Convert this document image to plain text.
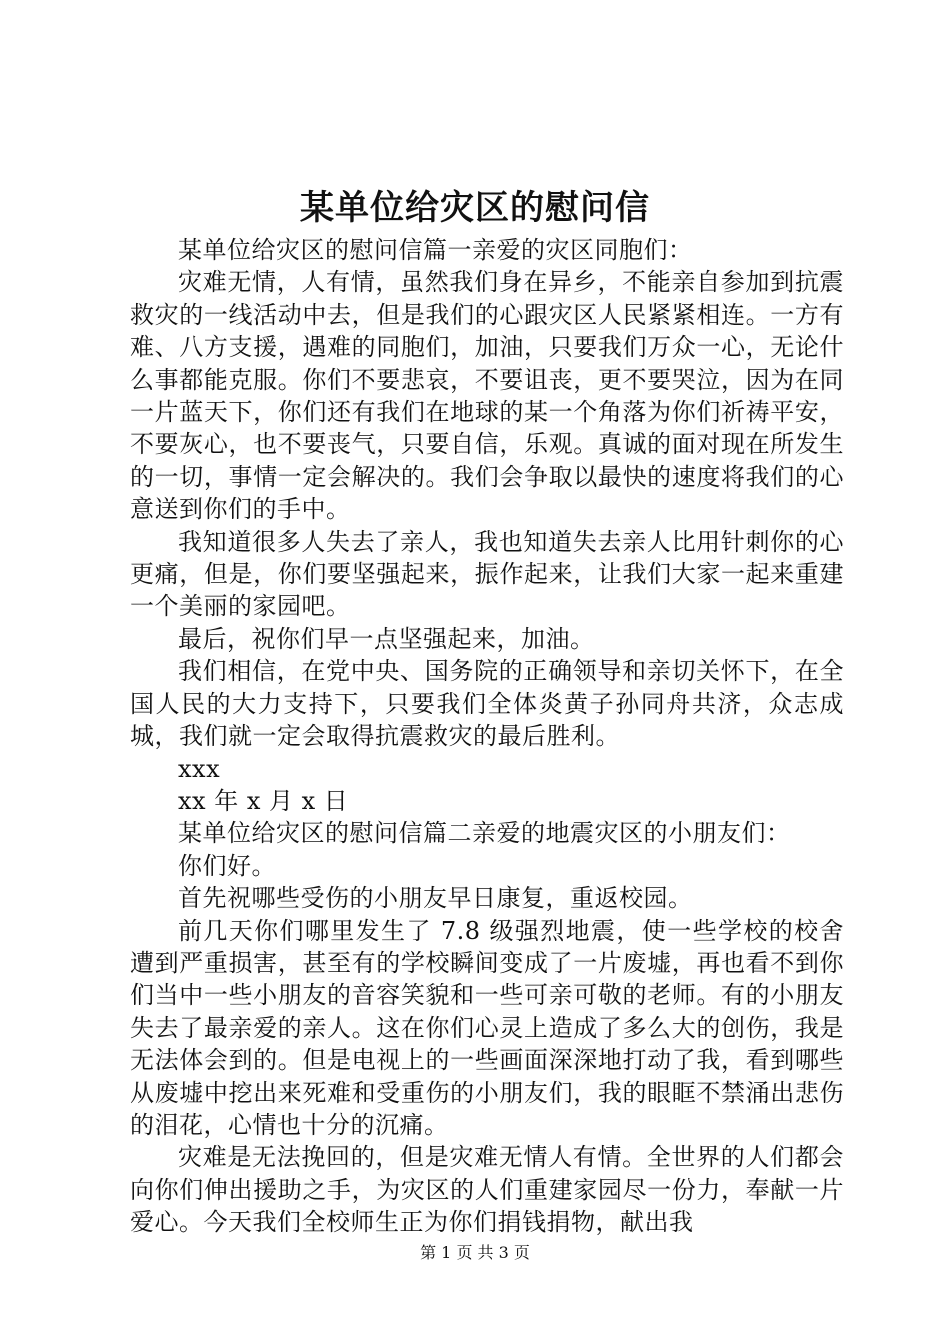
某单位给灾区的慰问信

某单位给灾区的慰问信篇一亲爱的灾区同胞们：

灾难无情，人有情，虽然我们身在异乡，不能亲自参加到抗震救灾的一线活动中去，但是我们的心跟灾区人民紧紧相连。一方有难、八方支援，遇难的同胞们，加油，只要我们万众一心，无论什么事都能克服。你们不要悲哀，不要诅丧，更不要哭泣，因为在同一片蓝天下，你们还有我们在地球的某一个角落为你们祈祷平安，不要灰心，也不要丧气，只要自信，乐观。真诚的面对现在所发生的一切，事情一定会解决的。我们会争取以最快的速度将我们的心意送到你们的手中。

我知道很多人失去了亲人，我也知道失去亲人比用针刺你的心更痛，但是，你们要坚强起来，振作起来，让我们大家一起来重建一个美丽的家园吧。

最后，祝你们早一点坚强起来，加油。

我们相信，在党中央、国务院的正确领导和亲切关怀下，在全国人民的大力支持下，只要我们全体炎黄子孙同舟共济，众志成城，我们就一定会取得抗震救灾的最后胜利。

xxx

xx 年 x 月 x 日

某单位给灾区的慰问信篇二亲爱的地震灾区的小朋友们：

你们好。

首先祝哪些受伤的小朋友早日康复，重返校园。

前几天你们哪里发生了 7.8 级强烈地震，使一些学校的校舍遭到严重损害，甚至有的学校瞬间变成了一片废墟，再也看不到你们当中一些小朋友的音容笑貌和一些可亲可敬的老师。有的小朋友失去了最亲爱的亲人。这在你们心灵上造成了多么大的创伤，我是无法体会到的。但是电视上的一些画面深深地打动了我，看到哪些从废墟中挖出来死难和受重伤的小朋友们，我的眼眶不禁涌出悲伤的泪花，心情也十分的沉痛。

灾难是无法挽回的，但是灾难无情人有情。全世界的人们都会向你们伸出援助之手，为灾区的人们重建家园尽一份力，奉献一片爱心。今天我们全校师生正为你们捐钱捐物，献出我

第 1 页 共 3 页
